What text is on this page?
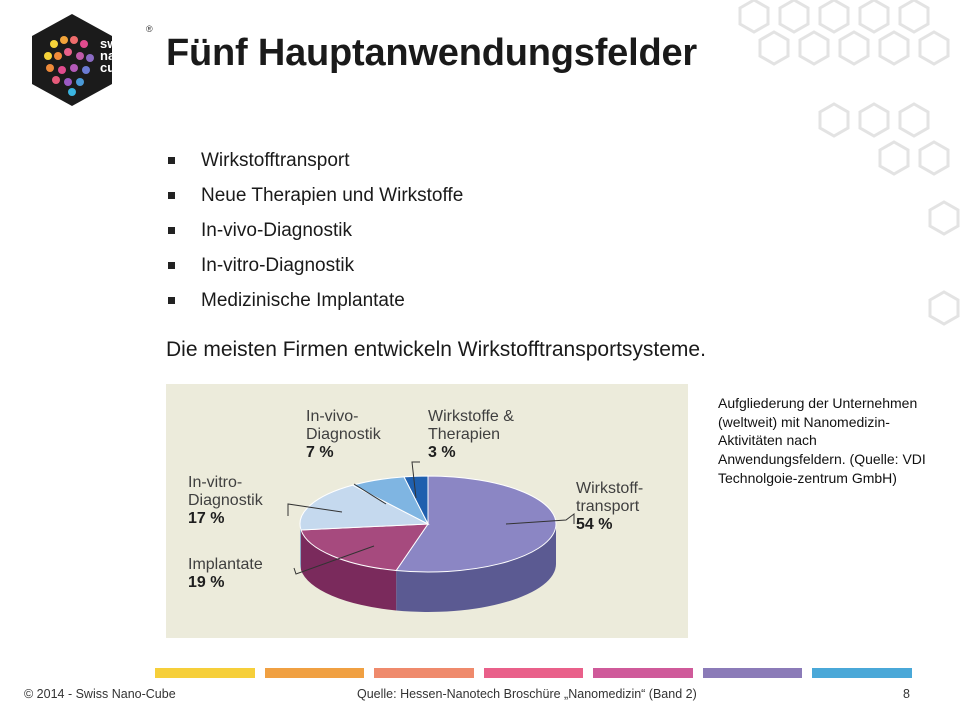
swiss
nano
cube
®
Fünf Hauptanwendungsfelder
Wirkstofftransport
Neue Therapien und Wirkstoffe
In-vivo-Diagnostik
In-vitro-Diagnostik
Medizinische Implantate

Die meisten Firmen entwickeln Wirkstofftransportsysteme.

Wirkstoff-
transport
54 %
Implantate
19 %
In-vitro-
Diagnostik
17 %
In-vivo-
Diagnostik
7 %
Wirkstoffe &
Therapien
3 %

Aufgliederung der Unternehmen (weltweit) mit Nanomedizin-Aktivitäten nach Anwendungsfeldern. (Quelle: VDI Technolgoie-zentrum GmbH)

© 2014 - Swiss Nano-Cube	Quelle: Hessen-Nanotech Broschüre „Nanomedizin“ (Band 2)	8
